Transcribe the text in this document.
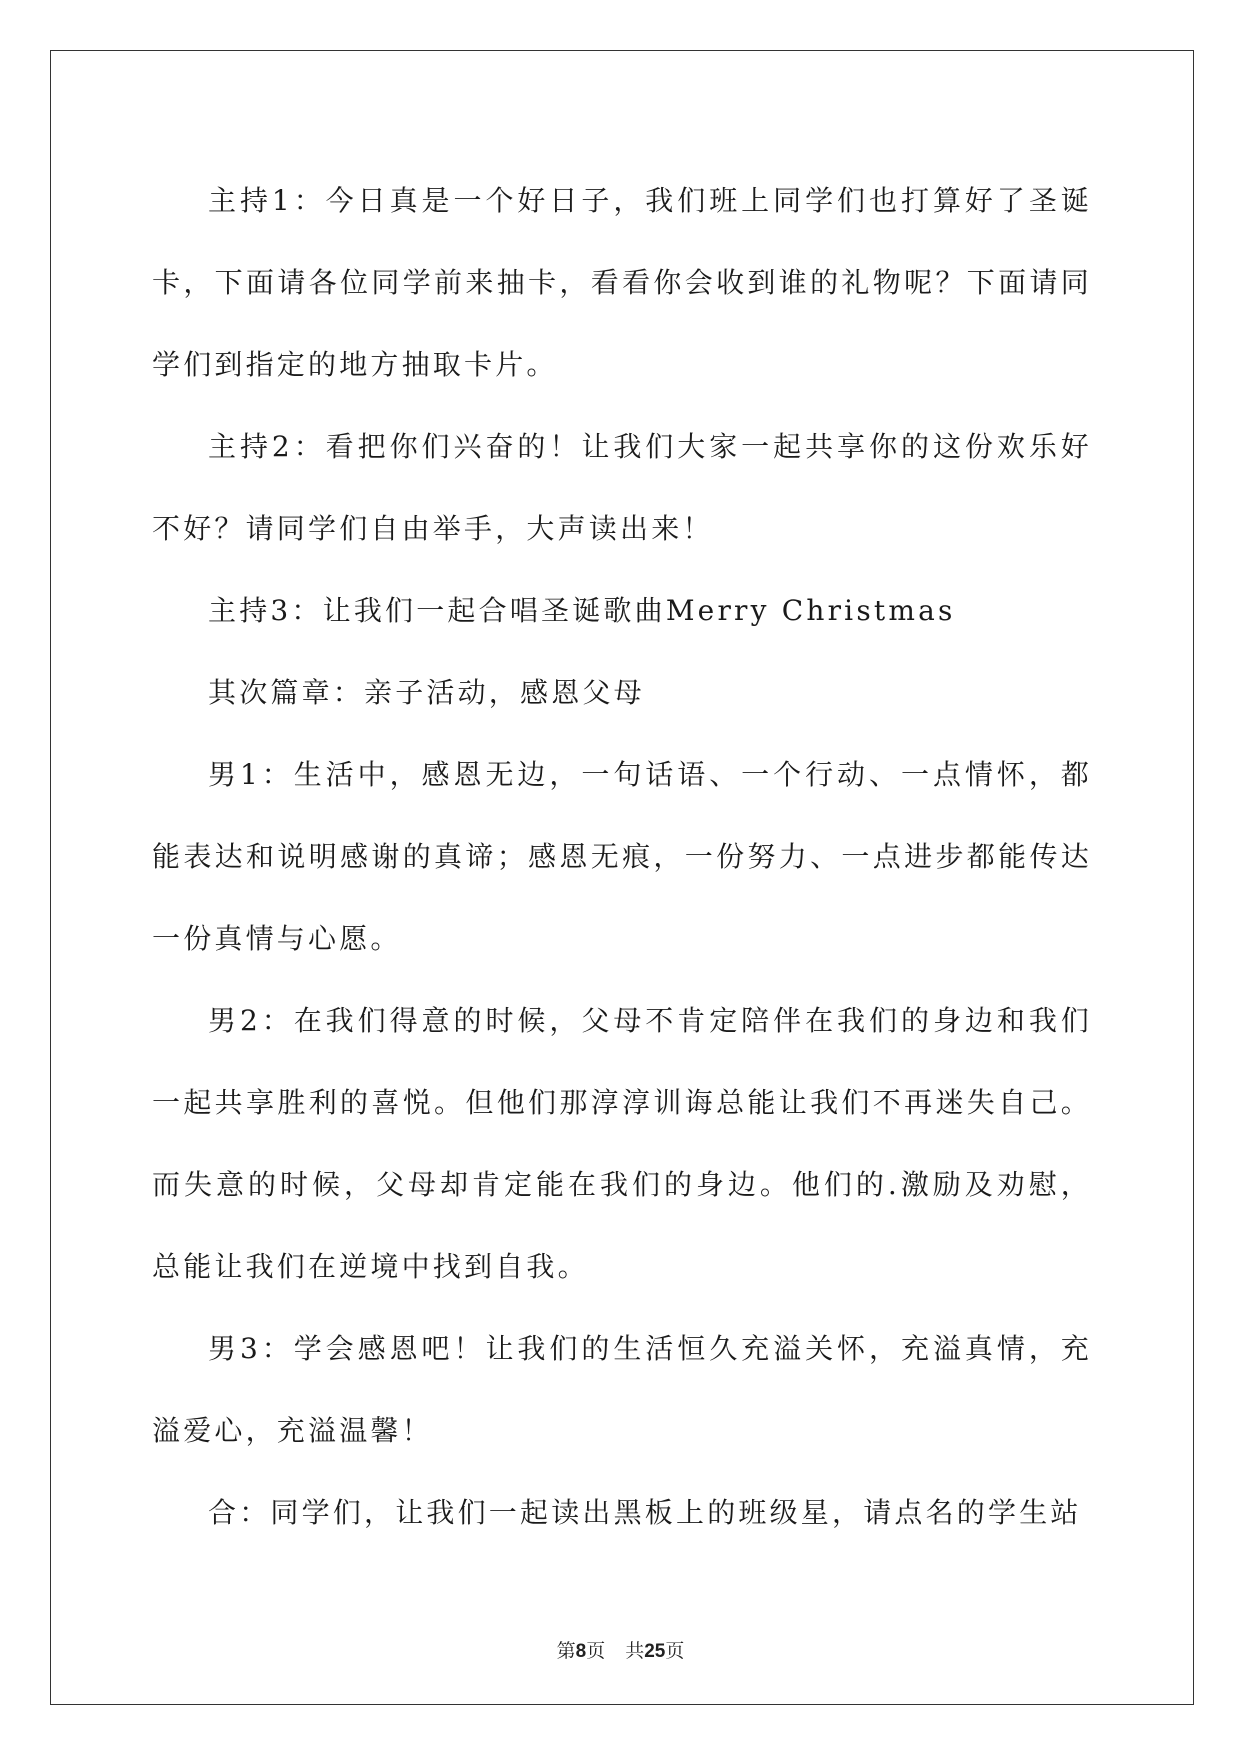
主持1：今日真是一个好日子，我们班上同学们也打算好了圣诞卡，下面请各位同学前来抽卡，看看你会收到谁的礼物呢？下面请同学们到指定的地方抽取卡片。

主持2：看把你们兴奋的！让我们大家一起共享你的这份欢乐好不好？请同学们自由举手，大声读出来！

主持3：让我们一起合唱圣诞歌曲Merry Christmas

其次篇章：亲子活动，感恩父母

男1：生活中，感恩无边，一句话语、一个行动、一点情怀，都能表达和说明感谢的真谛；感恩无痕，一份努力、一点进步都能传达一份真情与心愿。

男2：在我们得意的时候，父母不肯定陪伴在我们的身边和我们一起共享胜利的喜悦。但他们那淳淳训诲总能让我们不再迷失自己。而失意的时候，父母却肯定能在我们的身边。他们的.激励及劝慰，总能让我们在逆境中找到自我。

男3：学会感恩吧！让我们的生活恒久充溢关怀，充溢真情，充溢爱心，充溢温馨！

合：同学们，让我们一起读出黑板上的班级星，请点名的学生站

第8页 共25页
